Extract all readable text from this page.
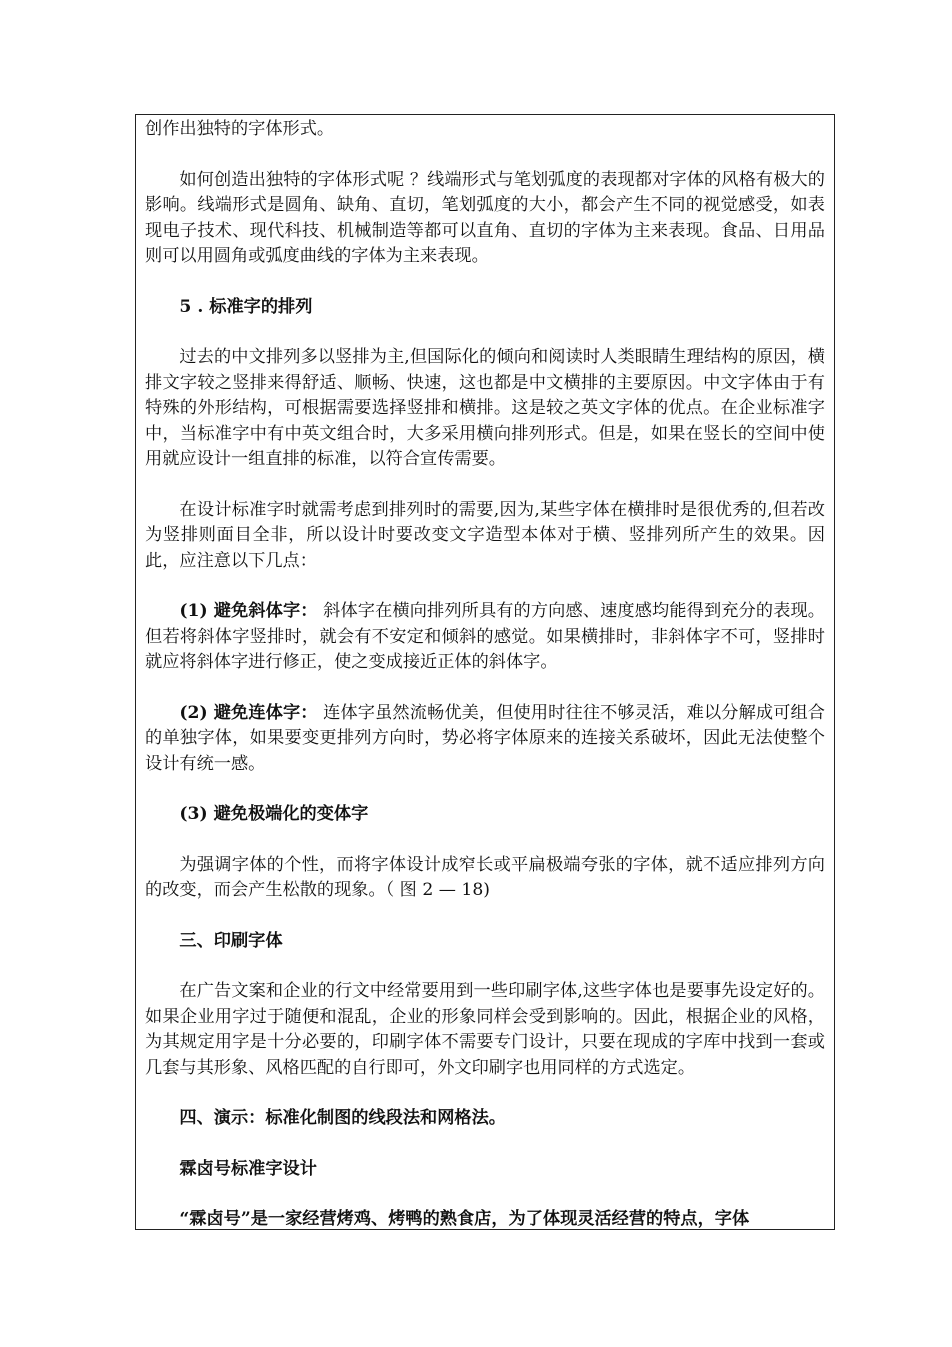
创作出独特的字体形式。

如何创造出独特的字体形式呢 ？线端形式与笔划弧度的表现都对字体的风格有极大的影响。线端形式是圆角、缺角、直切，笔划弧度的大小，都会产生不同的视觉感受，如表现电子技术、现代科技、机械制造等都可以直角、直切的字体为主来表现。食品、日用品则可以用圆角或弧度曲线的字体为主来表现。

5 . 标准字的排列

过去的中文排列多以竖排为主,但国际化的倾向和阅读时人类眼睛生理结构的原因，横排文字较之竖排来得舒适、顺畅、快速，这也都是中文横排的主要原因。中文字体由于有特殊的外形结构，可根据需要选择竖排和横排。这是较之英文字体的优点。在企业标准字中，当标准字中有中英文组合时，大多采用横向排列形式。但是，如果在竖长的空间中使用就应设计一组直排的标准，以符合宣传需要。

在设计标准字时就需考虑到排列时的需要,因为,某些字体在横排时是很优秀的,但若改为竖排则面目全非，所以设计时要改变文字造型本体对于横、竖排列所产生的效果。因此，应注意以下几点：

(1) 避免斜体字： 斜体字在横向排列所具有的方向感、速度感均能得到充分的表现。但若将斜体字竖排时，就会有不安定和倾斜的感觉。如果横排时，非斜体字不可，竖排时就应将斜体字进行修正，使之变成接近正体的斜体字。

(2) 避免连体字： 连体字虽然流畅优美，但使用时往往不够灵活，难以分解成可组合的单独字体，如果要变更排列方向时，势必将字体原来的连接关系破坏，因此无法使整个设计有统一感。

(3) 避免极端化的变体字

为强调字体的个性，而将字体设计成窄长或平扁极端夸张的字体，就不适应排列方向的改变，而会产生松散的现象。（ 图 2 — 18)

三、印刷字体

在广告文案和企业的行文中经常要用到一些印刷字体,这些字体也是要事先设定好的。如果企业用字过于随便和混乱，企业的形象同样会受到影响的。因此，根据企业的风格，为其规定用字是十分必要的，印刷字体不需要专门设计，只要在现成的字库中找到一套或几套与其形象、风格匹配的自行即可，外文印刷字也用同样的方式选定。

四、演示：标准化制图的线段法和网格法。

霖卤号标准字设计

“霖卤号”是一家经营烤鸡、烤鸭的熟食店，为了体现灵活经营的特点，字体
